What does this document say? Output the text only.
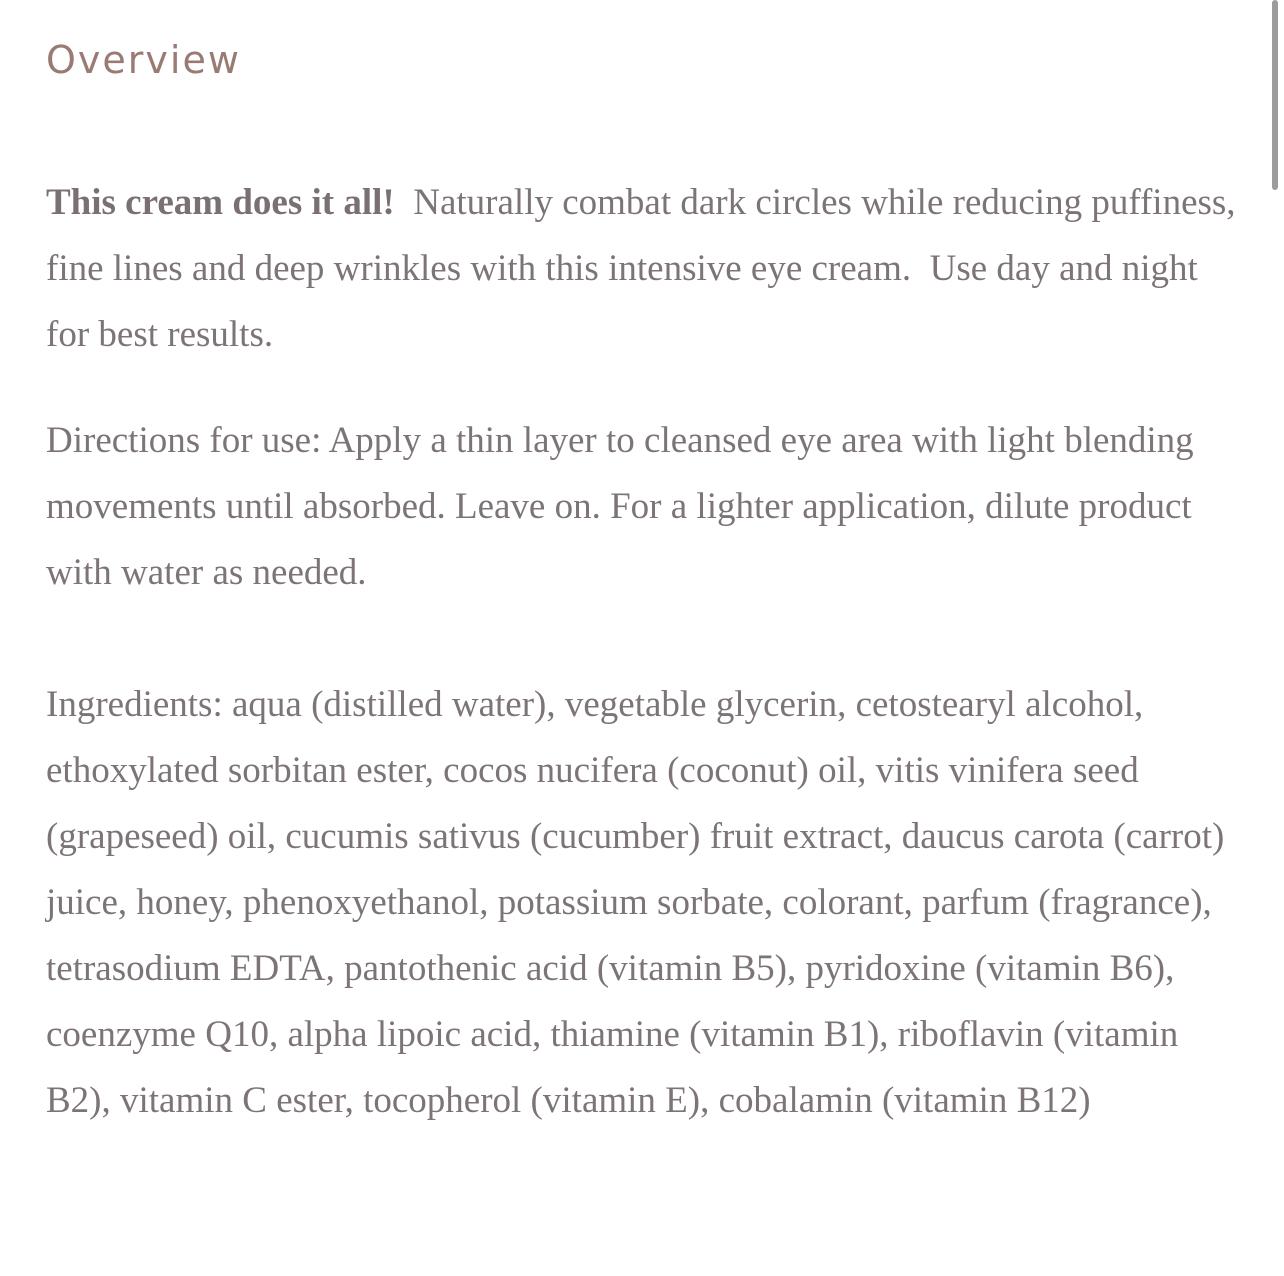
Overview

This cream does it all!  Naturally combat dark circles while reducing puffiness, fine lines and deep wrinkles with this intensive eye cream.  Use day and night for best results.

Directions for use: Apply a thin layer to cleansed eye area with light blending movements until absorbed. Leave on. For a lighter application, dilute product with water as needed.

Ingredients: aqua (distilled water), vegetable glycerin, cetostearyl alcohol, ethoxylated sorbitan ester, cocos nucifera (coconut) oil, vitis vinifera seed (grapeseed) oil, cucumis sativus (cucumber) fruit extract, daucus carota (carrot) juice, honey, phenoxyethanol, potassium sorbate, colorant, parfum (fragrance), tetrasodium EDTA, pantothenic acid (vitamin B5), pyridoxine (vitamin B6), coenzyme Q10, alpha lipoic acid, thiamine (vitamin B1), riboflavin (vitamin B2), vitamin C ester, tocopherol (vitamin E), cobalamin (vitamin B12)
